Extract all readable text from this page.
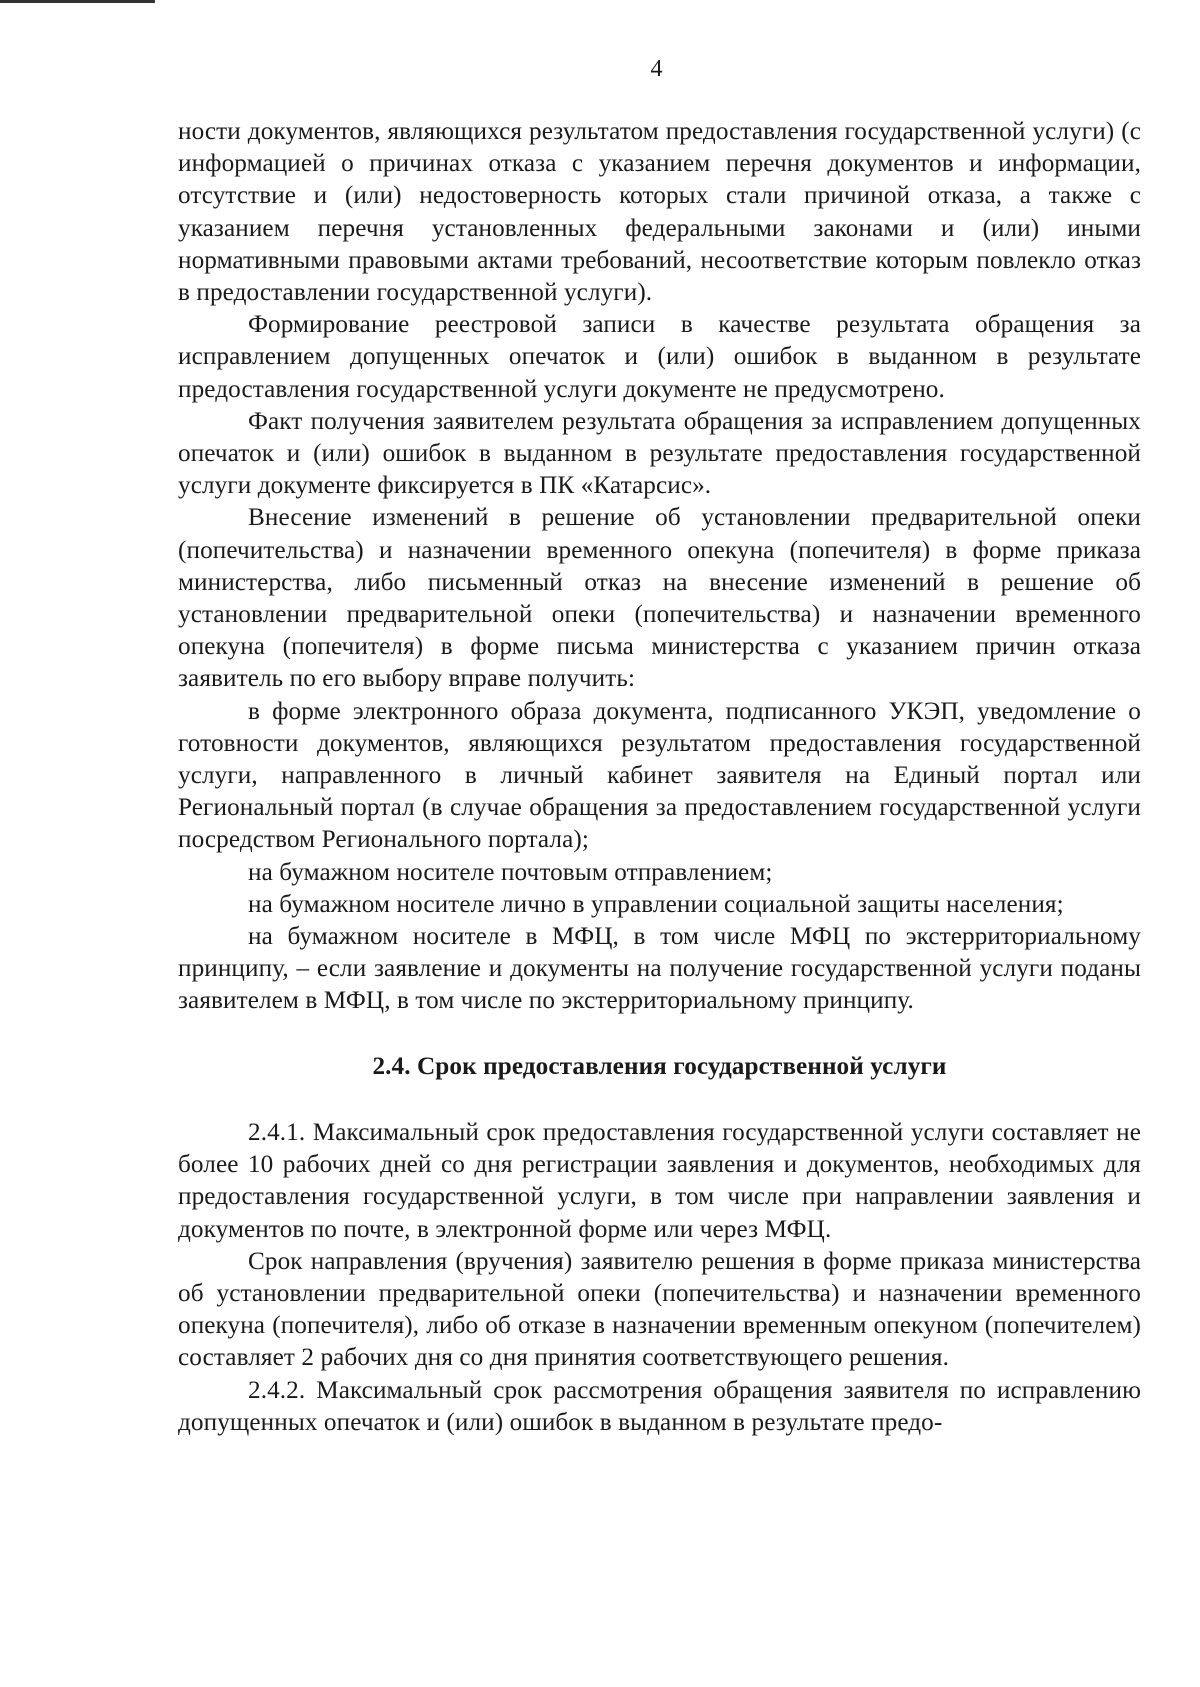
4

ности документов, являющихся результатом предоставления государственной услуги) (с информацией о причинах отказа с указанием перечня документов и информации, отсутствие и (или) недостоверность которых стали причиной отказа, а также с указанием перечня установленных федеральными законами и (или) иными нормативными правовыми актами требований, несоответствие которым повлекло отказ в предоставлении государственной услуги).

Формирование реестровой записи в качестве результата обращения за исправлением допущенных опечаток и (или) ошибок в выданном в результате предоставления государственной услуги документе не предусмотрено.

Факт получения заявителем результата обращения за исправлением допущенных опечаток и (или) ошибок в выданном в результате предоставления государственной услуги документе фиксируется в ПК «Катарсис».

Внесение изменений в решение об установлении предварительной опеки (попечительства) и назначении временного опекуна (попечителя) в форме приказа министерства, либо письменный отказ на внесение изменений в решение об установлении предварительной опеки (попечительства) и назначении временного опекуна (попечителя) в форме письма министерства с указанием причин отказа заявитель по его выбору вправе получить:

в форме электронного образа документа, подписанного УКЭП, уведомление о готовности документов, являющихся результатом предоставления государственной услуги, направленного в личный кабинет заявителя на Единый портал или Региональный портал (в случае обращения за предоставлением государственной услуги посредством Регионального портала);

на бумажном носителе почтовым отправлением;

на бумажном носителе лично в управлении социальной защиты населения;

на бумажном носителе в МФЦ, в том числе МФЦ по экстерриториальному принципу, – если заявление и документы на получение государственной услуги поданы заявителем в МФЦ, в том числе по экстерриториальному принципу.

2.4. Срок предоставления государственной услуги

2.4.1. Максимальный срок предоставления государственной услуги составляет не более 10 рабочих дней со дня регистрации заявления и документов, необходимых для предоставления государственной услуги, в том числе при направлении заявления и документов по почте, в электронной форме или через МФЦ.

Срок направления (вручения) заявителю решения в форме приказа министерства об установлении предварительной опеки (попечительства) и назначении временного опекуна (попечителя), либо об отказе в назначении временным опекуном (попечителем) составляет 2 рабочих дня со дня принятия соответствующего решения.

2.4.2. Максимальный срок рассмотрения обращения заявителя по исправлению допущенных опечаток и (или) ошибок в выданном в результате предо-
